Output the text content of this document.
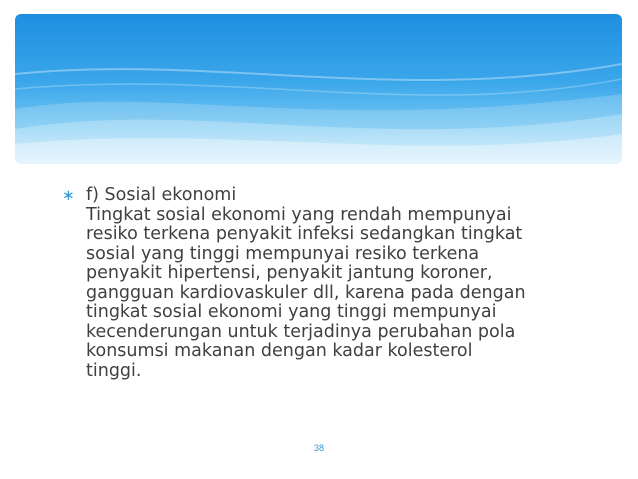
∗ f) Sosial ekonomi
Tingkat sosial ekonomi yang rendah mempunyai
resiko terkena penyakit infeksi sedangkan tingkat
sosial yang tinggi mempunyai resiko terkena
penyakit hipertensi, penyakit jantung koroner,
gangguan kardiovaskuler dll, karena pada dengan
tingkat sosial ekonomi yang tinggi mempunyai
kecenderungan untuk terjadinya perubahan pola
konsumsi makanan dengan kadar kolesterol
tinggi.
38
